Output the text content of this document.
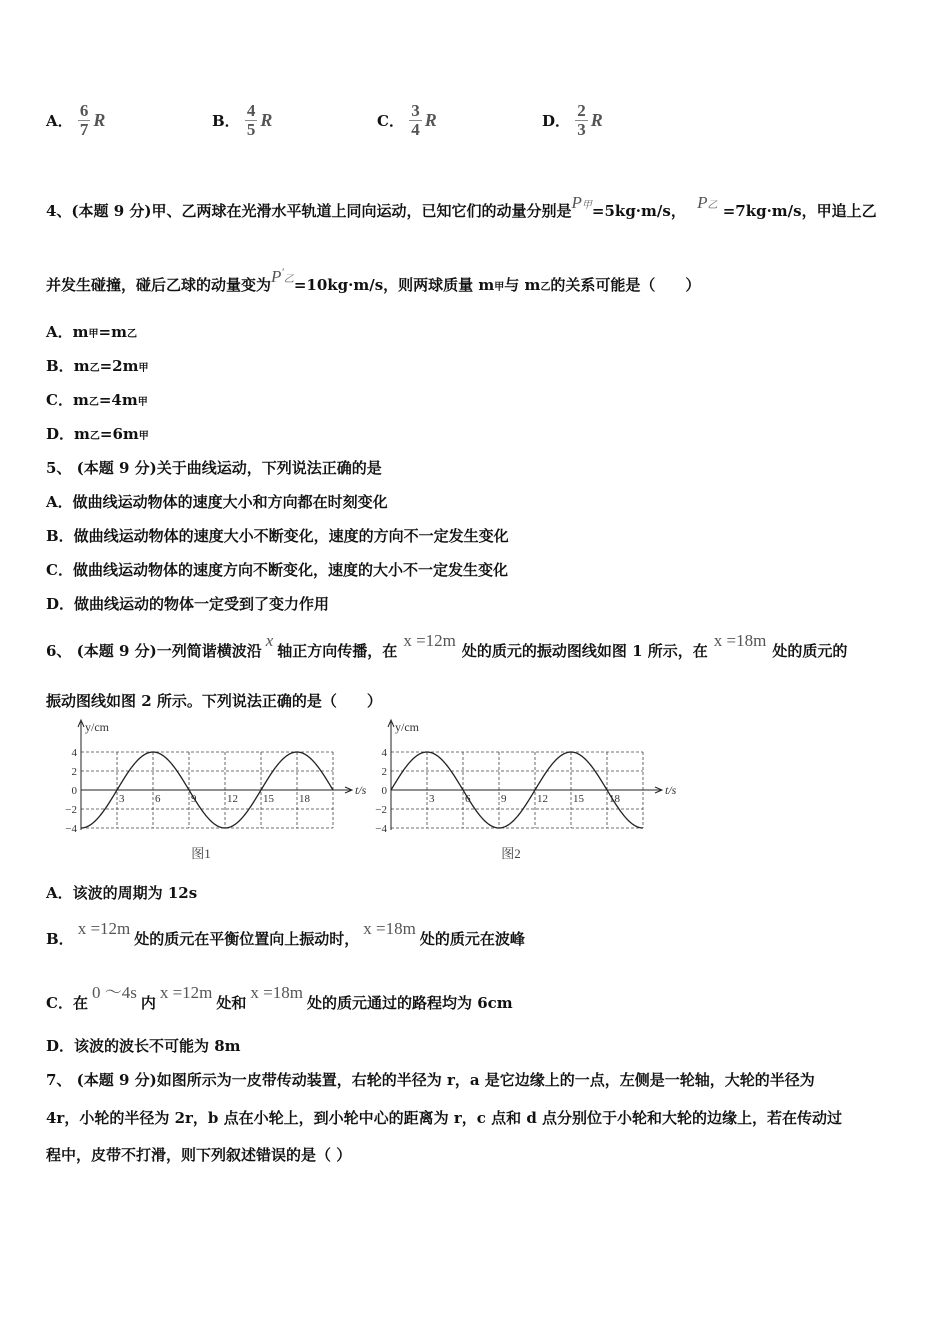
A． $\frac{6}{7}$ R	B． $\frac{4}{5}$ R	C． $\frac{3}{4}$ R	D． $\frac{2}{3}$ R
4、(本题 9 分)甲、乙两球在光滑水平轨道上同向运动，已知它们的动量分别是P甲=5kg·m/s， P乙 =7kg·m/s，甲追上乙
并发生碰撞，碰后乙球的动量变为P′乙=10kg·m/s，则两球质量 m甲与 m乙的关系可能是（　　）
A．m甲=m乙
B．m乙=2m甲
C．m乙=4m甲
D．m乙=6m甲
5、 (本题 9 分)关于曲线运动，下列说法正确的是
A．做曲线运动物体的速度大小和方向都在时刻变化
B．做曲线运动物体的速度大小不断变化，速度的方向不一定发生变化
C．做曲线运动物体的速度方向不断变化，速度的大小不一定发生变化
D．做曲线运动的物体一定受到了变力作用
6、 (本题 9 分)一列简谐横波沿x轴正方向传播，在x =12m处的质元的振动图线如图 1 所示，在x =18m处的质元的
振动图线如图 2 所示。下列说法正确的是（　　）
y/cm
t/s
4
2
0
−2
−4
3	6	9	12 15 18
图1
y/cm
t/s
4
2
0
−2
−4
3	6	9	12 15 18
图2
A．该波的周期为 12s
B．x =12m处的质元在平衡位置向上振动时，x =18m处的质元在波峰
C．在0 ～4s内x =12m处和x =18m处的质元通过的路程均为 6cm
D．该波的波长不可能为 8m
7、 (本题 9 分)如图所示为一皮带传动装置，右轮的半径为 r，a 是它边缘上的一点，左侧是一轮轴，大轮的半径为
4r，小轮的半径为 2r，b 点在小轮上，到小轮中心的距离为 r，c 点和 d 点分别位于小轮和大轮的边缘上，若在传动过
程中，皮带不打滑，则下列叙述错误的是（ ）
